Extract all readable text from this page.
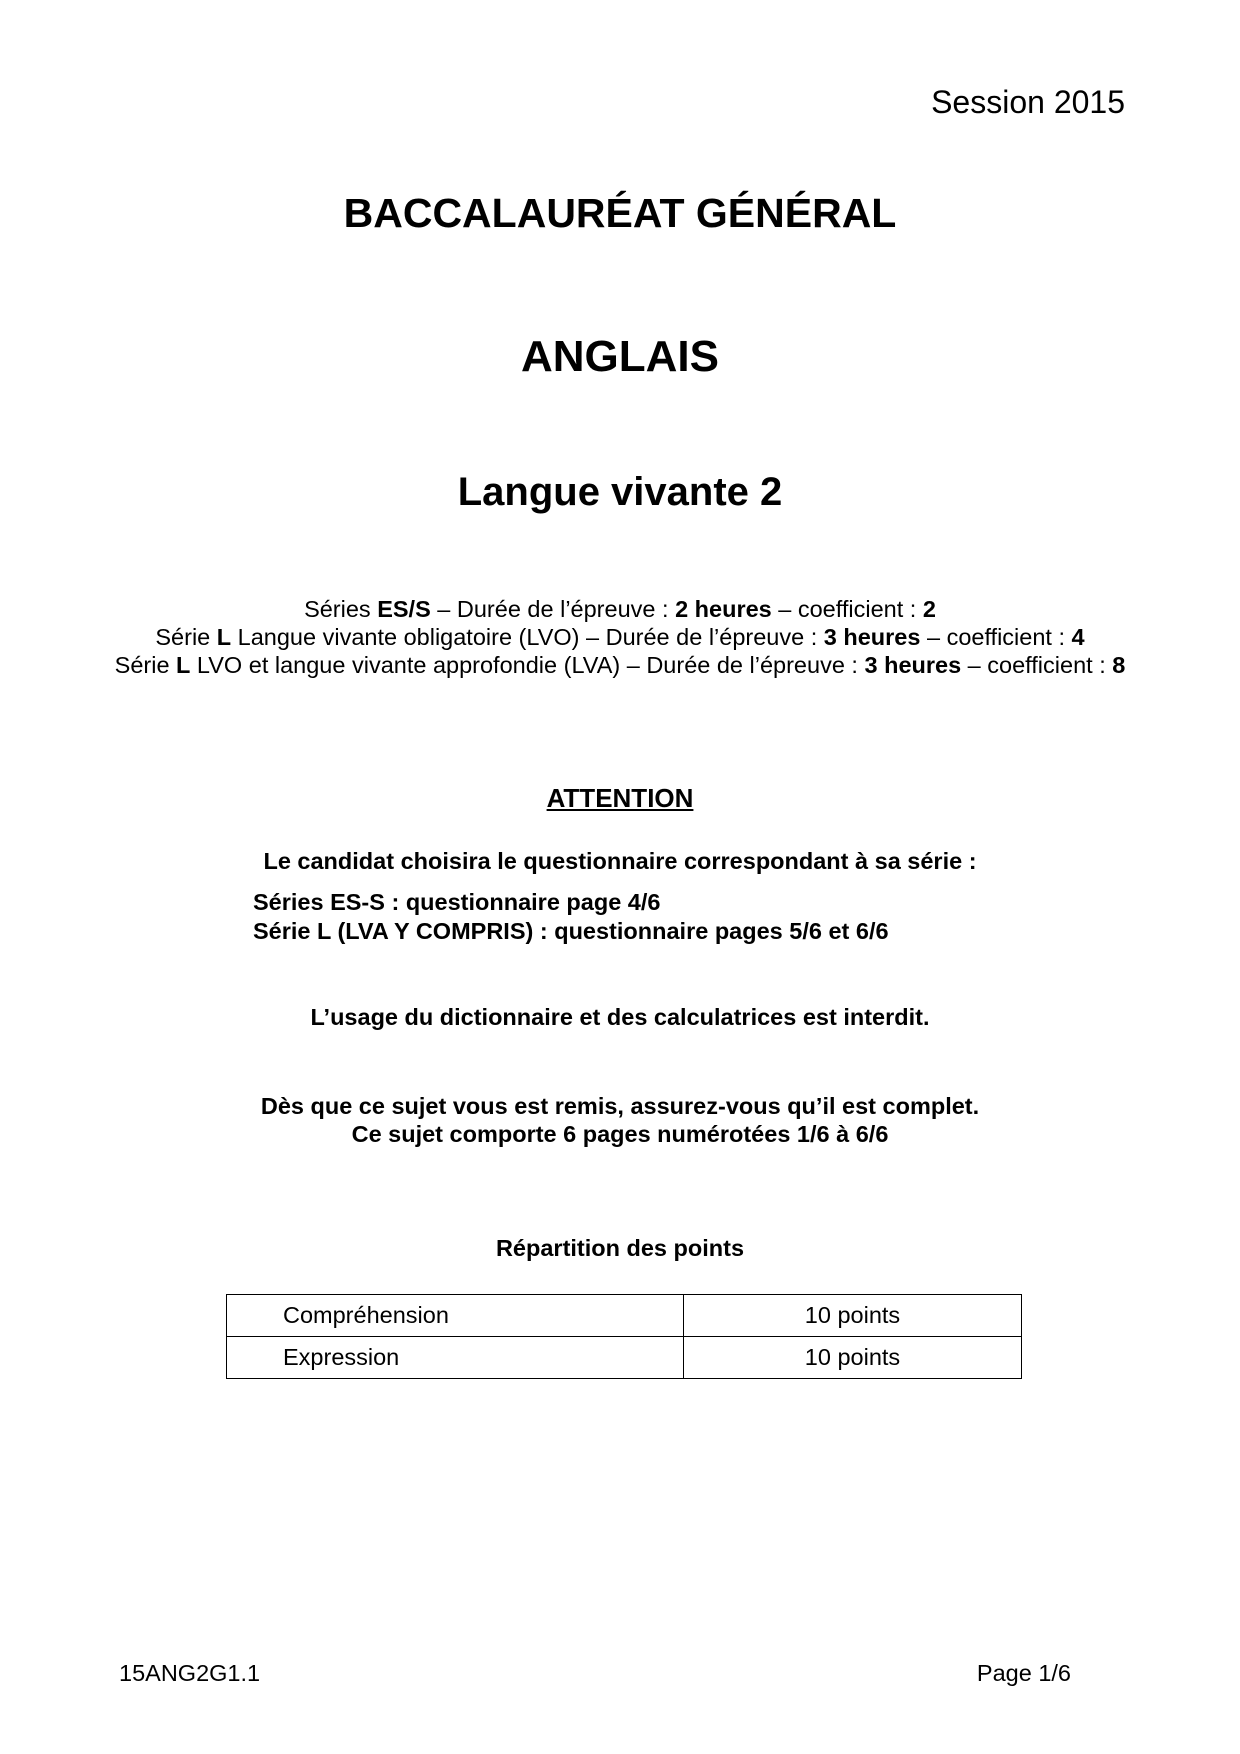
Session 2015
BACCALAURÉAT GÉNÉRAL
ANGLAIS
Langue vivante 2
Séries ES/S – Durée de l’épreuve : 2 heures – coefficient : 2
Série L Langue vivante obligatoire (LVO) – Durée de l’épreuve : 3 heures – coefficient : 4
Série L LVO et langue vivante approfondie (LVA) – Durée de l’épreuve : 3 heures – coefficient : 8
ATTENTION
Le candidat choisira le questionnaire correspondant à sa série :
Séries ES-S : questionnaire page 4/6
Série L (LVA Y COMPRIS) : questionnaire pages 5/6 et 6/6
L’usage du dictionnaire et des calculatrices est interdit.
Dès que ce sujet vous est remis, assurez-vous qu’il est complet.
Ce sujet comporte 6 pages numérotées 1/6 à 6/6
Répartition des points
Compréhension	10 points
Expression	10 points
15ANG2G1.1	Page 1/6
